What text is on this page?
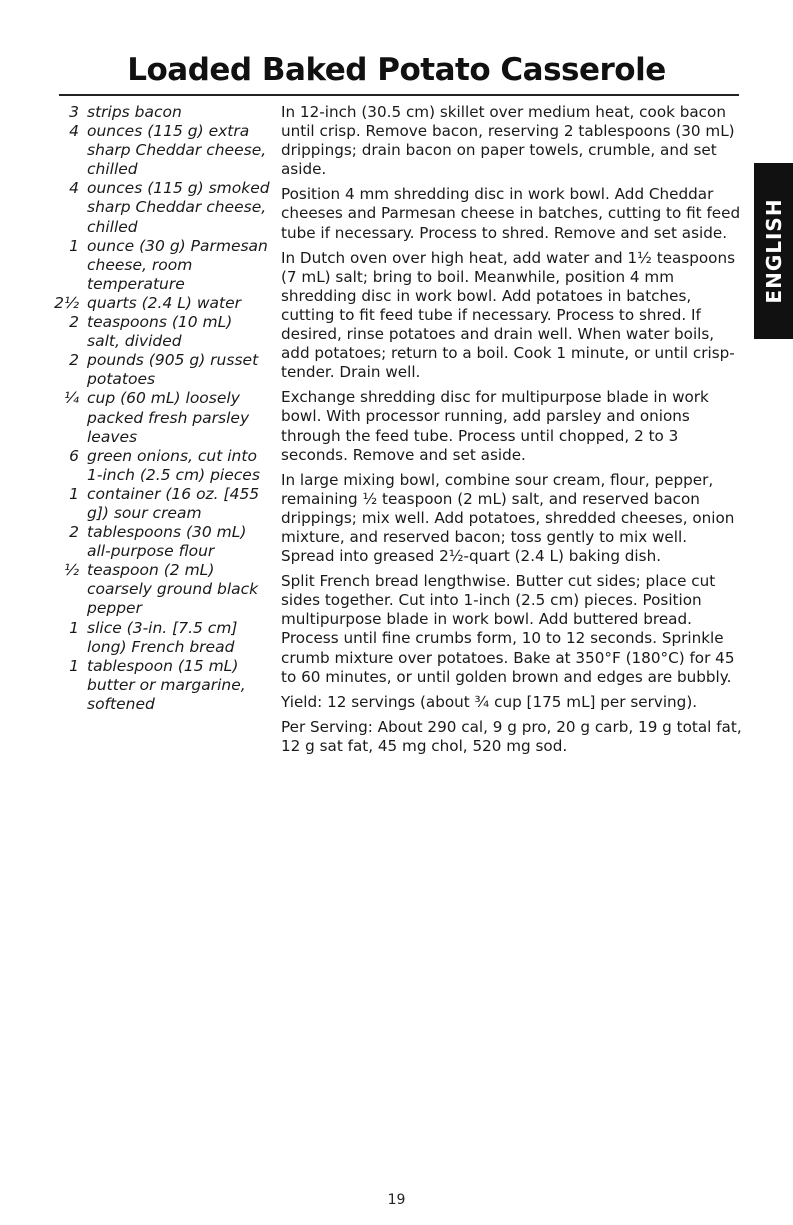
Loaded Baked Potato Casserole
3 strips bacon
4 ounces (115 g) extra sharp Cheddar cheese, chilled
4 ounces (115 g) smoked sharp Cheddar cheese, chilled
1 ounce (30 g) Parmesan cheese, room temperature
2½ quarts (2.4 L) water
2 teaspoons (10 mL) salt, divided
2 pounds (905 g) russet potatoes
¼ cup (60 mL) loosely packed fresh parsley leaves
6 green onions, cut into 1-inch (2.5 cm) pieces
1 container (16 oz. [455 g]) sour cream
2 tablespoons (30 mL) all-purpose flour
½ teaspoon (2 mL) coarsely ground black pepper
1 slice (3-in. [7.5 cm] long) French bread
1 tablespoon (15 mL) butter or margarine, softened

In 12-inch (30.5 cm) skillet over medium heat, cook bacon until crisp. Remove bacon, reserving 2 tablespoons (30 mL) drippings; drain bacon on paper towels, crumble, and set aside.

Position 4 mm shredding disc in work bowl. Add Cheddar cheeses and Parmesan cheese in batches, cutting to fit feed tube if necessary. Process to shred. Remove and set aside.

In Dutch oven over high heat, add water and 1½ teaspoons (7 mL) salt; bring to boil. Meanwhile, position 4 mm shredding disc in work bowl. Add potatoes in batches, cutting to fit feed tube if necessary. Process to shred. If desired, rinse potatoes and drain well. When water boils, add potatoes; return to a boil. Cook 1 minute, or until crisp-tender. Drain well.

Exchange shredding disc for multipurpose blade in work bowl. With processor running, add parsley and onions through the feed tube. Process until chopped, 2 to 3 seconds. Remove and set aside.

In large mixing bowl, combine sour cream, flour, pepper, remaining ½ teaspoon (2 mL) salt, and reserved bacon drippings; mix well. Add potatoes, shredded cheeses, onion mixture, and reserved bacon; toss gently to mix well. Spread into greased 2½-quart (2.4 L) baking dish.

Split French bread lengthwise. Butter cut sides; place cut sides together. Cut into 1-inch (2.5 cm) pieces. Position multipurpose blade in work bowl. Add buttered bread. Process until fine crumbs form, 10 to 12 seconds. Sprinkle crumb mixture over potatoes. Bake at 350°F (180°C) for 45 to 60 minutes, or until golden brown and edges are bubbly.

Yield: 12 servings (about ¾ cup [175 mL] per serving).

Per Serving: About 290 cal, 9 g pro, 20 g carb, 19 g total fat, 12 g sat fat, 45 mg chol, 520 mg sod.

ENGLISH
19
